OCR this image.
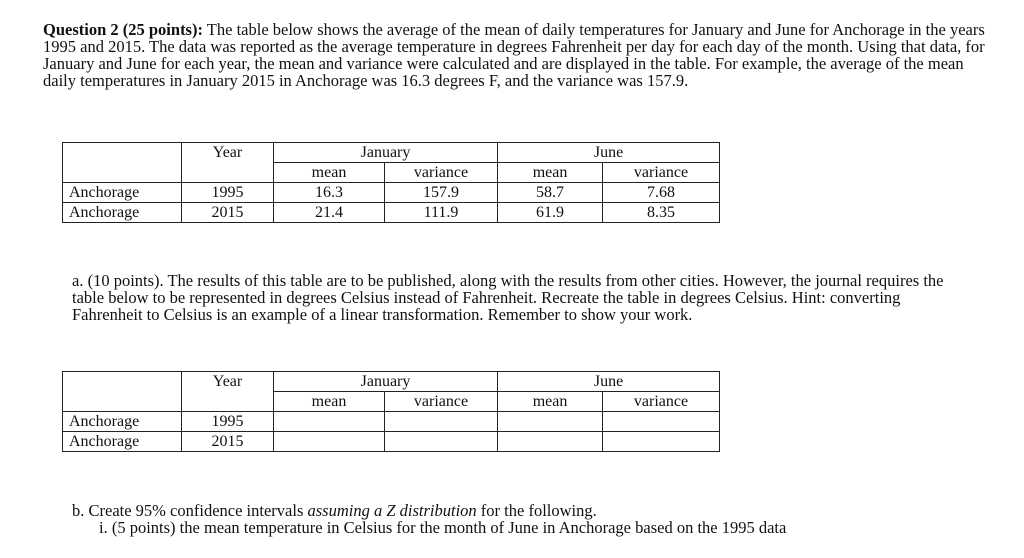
Question 2 (25 points): The table below shows the average of the mean of daily temperatures for January and June for Anchorage in the years 1995 and 2015. The data was reported as the average temperature in degrees Fahrenheit per day for each day of the month. Using that data, for January and June for each year, the mean and variance were calculated and are displayed in the table. For example, the average of the mean daily temperatures in January 2015 in Anchorage was 16.3 degrees F, and the variance was 157.9.

	Year	January		June	
		mean	variance	mean	variance
Anchorage	1995	16.3	157.9	58.7	7.68
Anchorage	2015	21.4	111.9	61.9	8.35

a. (10 points). The results of this table are to be published, along with the results from other cities. However, the journal requires the table below to be represented in degrees Celsius instead of Fahrenheit. Recreate the table in degrees Celsius. Hint: converting Fahrenheit to Celsius is an example of a linear transformation. Remember to show your work.

	Year	January		June	
		mean	variance	mean	variance
Anchorage	1995				
Anchorage	2015				
b. Create 95% confidence intervals assuming a Z distribution for the following.
i. (5 points) the mean temperature in Celsius for the month of June in Anchorage based on the 1995 data
